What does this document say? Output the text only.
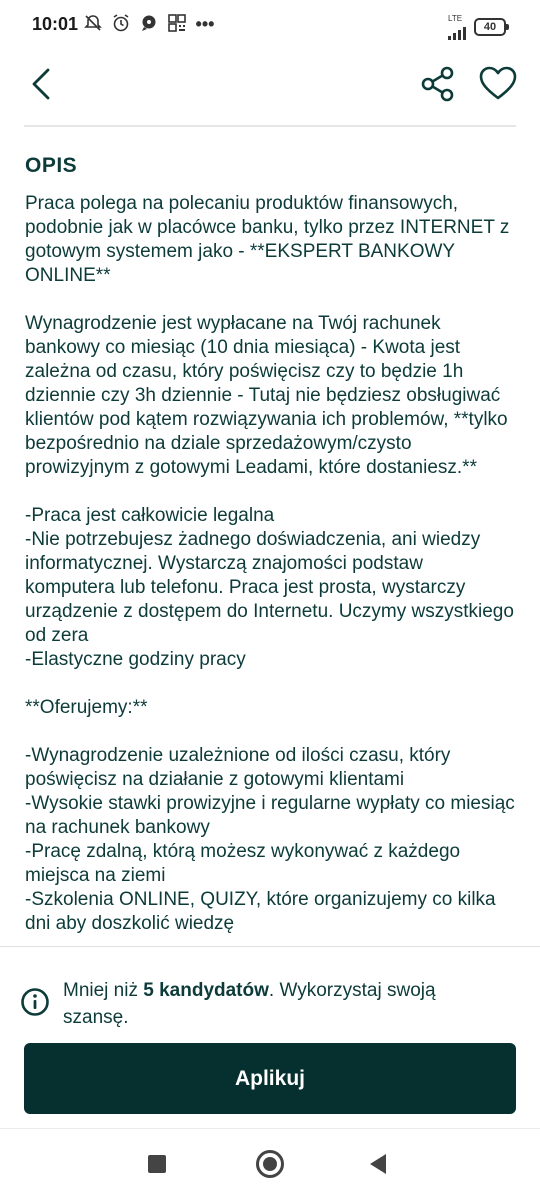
10:01	•••	LTE
40
OPIS
Praca polega na polecaniu produktów finansowych, podobnie jak w placówce banku, tylko przez INTERNET z gotowym systemem jako - **EKSPERT BANKOWY ONLINE**

Wynagrodzenie jest wypłacane na Twój rachunek bankowy co miesiąc (10 dnia miesiąca) - Kwota jest zależna od czasu, który poświęcisz czy to będzie 1h dziennie czy 3h dziennie - Tutaj nie będziesz obsługiwać klientów pod kątem rozwiązywania ich problemów, **tylko bezpośrednio na dziale sprzedażowym/czysto prowizyjnym z gotowymi Leadami, które dostaniesz.**

-Praca jest całkowicie legalna
-Nie potrzebujesz żadnego doświadczenia, ani wiedzy informatycznej. Wystarczą znajomości podstaw komputera lub telefonu. Praca jest prosta, wystarczy urządzenie z dostępem do Internetu. Uczymy wszystkiego od zera
-Elastyczne godziny pracy

**Oferujemy:**

-Wynagrodzenie uzależnione od ilości czasu, który poświęcisz na działanie z gotowymi klientami
-Wysokie stawki prowizyjne i regularne wypłaty co miesiąc na rachunek bankowy
-Pracę zdalną, którą możesz wykonywać z każdego miejsca na ziemi
-Szkolenia ONLINE, QUIZY, które organizujemy co kilka dni aby doszkolić wiedzę
Mniej niż 5 kandydatów. Wykorzystaj swoją szansę.
Aplikuj
